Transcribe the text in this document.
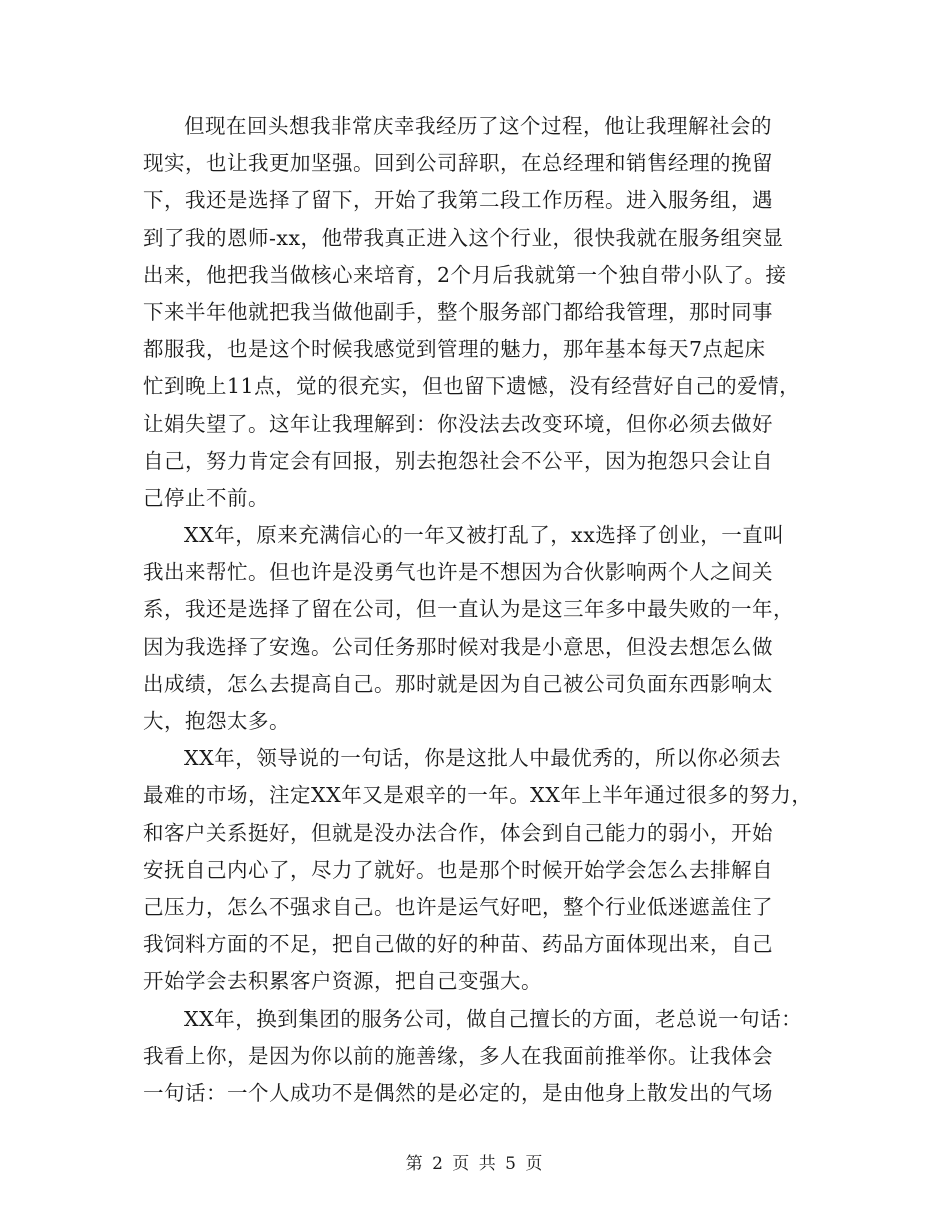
但现在回头想我非常庆幸我经历了这个过程，他让我理解社会的
现实，也让我更加坚强。回到公司辞职，在总经理和销售经理的挽留
下，我还是选择了留下，开始了我第二段工作历程。进入服务组，遇
到了我的恩师-xx，他带我真正进入这个行业，很快我就在服务组突显
出来，他把我当做核心来培育，2个月后我就第一个独自带小队了。接
下来半年他就把我当做他副手，整个服务部门都给我管理，那时同事
都服我，也是这个时候我感觉到管理的魅力，那年基本每天7点起床
忙到晚上11点，觉的很充实，但也留下遗憾，没有经营好自己的爱情，
让娟失望了。这年让我理解到：你没法去改变环境，但你必须去做好
自己，努力肯定会有回报，别去抱怨社会不公平，因为抱怨只会让自
己停止不前。
XX年，原来充满信心的一年又被打乱了，xx选择了创业，一直叫
我出来帮忙。但也许是没勇气也许是不想因为合伙影响两个人之间关
系，我还是选择了留在公司，但一直认为是这三年多中最失败的一年，
因为我选择了安逸。公司任务那时候对我是小意思，但没去想怎么做
出成绩，怎么去提高自己。那时就是因为自己被公司负面东西影响太
大，抱怨太多。
XX年，领导说的一句话，你是这批人中最优秀的，所以你必须去
最难的市场，注定XX年又是艰辛的一年。XX年上半年通过很多的努力，
和客户关系挺好，但就是没办法合作，体会到自己能力的弱小，开始
安抚自己内心了，尽力了就好。也是那个时候开始学会怎么去排解自
己压力，怎么不强求自己。也许是运气好吧，整个行业低迷遮盖住了
我饲料方面的不足，把自己做的好的种苗、药品方面体现出来，自己
开始学会去积累客户资源，把自己变强大。
XX年，换到集团的服务公司，做自己擅长的方面，老总说一句话：
我看上你，是因为你以前的施善缘，多人在我面前推举你。让我体会
一句话：一个人成功不是偶然的是必定的，是由他身上散发出的气场
第 2 页 共 5 页
